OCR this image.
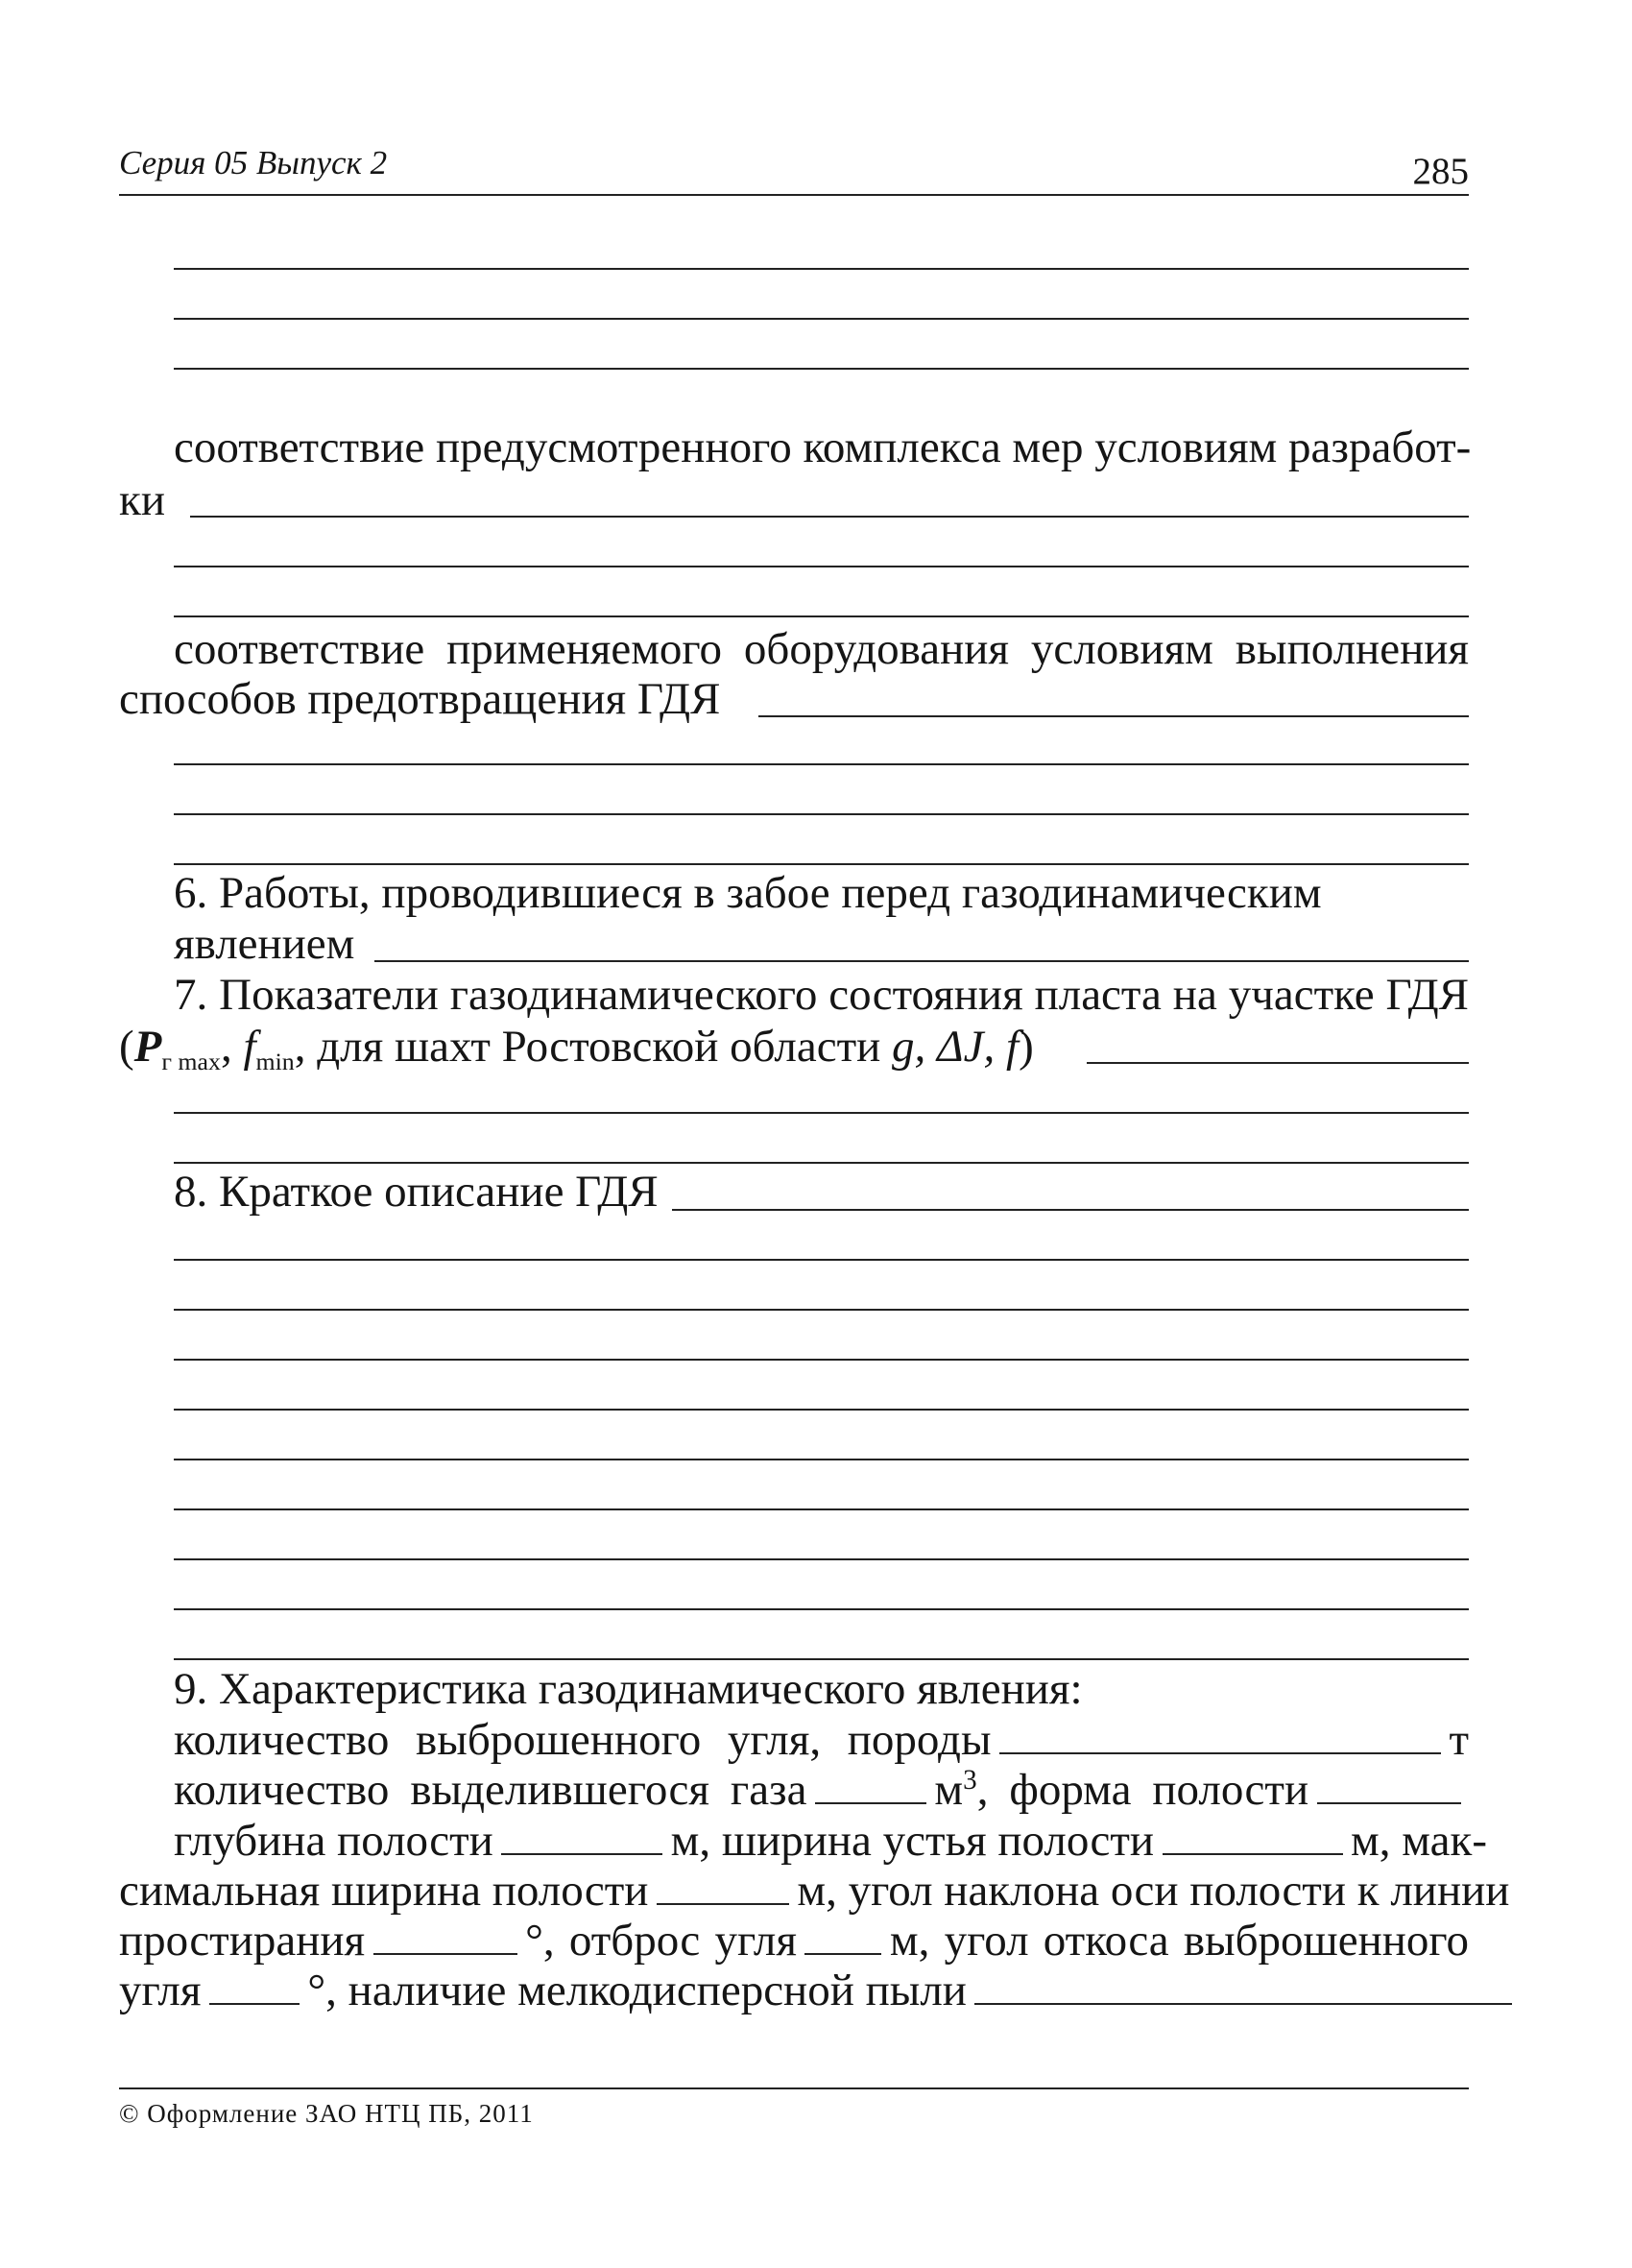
Серия 05 Выпуск 2	285
соответствие предусмотренного комплекса мер условиям разработ-
ки
соответствие применяемого оборудования условиям выполнения
способов предотвращения ГДЯ
6. Работы, проводившиеся в забое перед газодинамическим
явлением
7. Показатели газодинамического состояния пласта на участке ГДЯ
($P_{г max}$, $f_{min}$, для шахт Ростовской области g, ΔJ, f)
8. Краткое описание ГДЯ
9. Характеристика газодинамического явления:
количество выброшенного угля, породы	т
количество выделившегося газа	$м^3$, форма полости
глубина полости	м, ширина устья полости	м, мак-
симальная ширина полости	м, угол наклона оси полости к линии
простирания	°, отброс угля м, угол откоса выброшенного
угля °, наличие мелкодисперсной пыли
© Оформление ЗАО НТЦ ПБ, 2011
